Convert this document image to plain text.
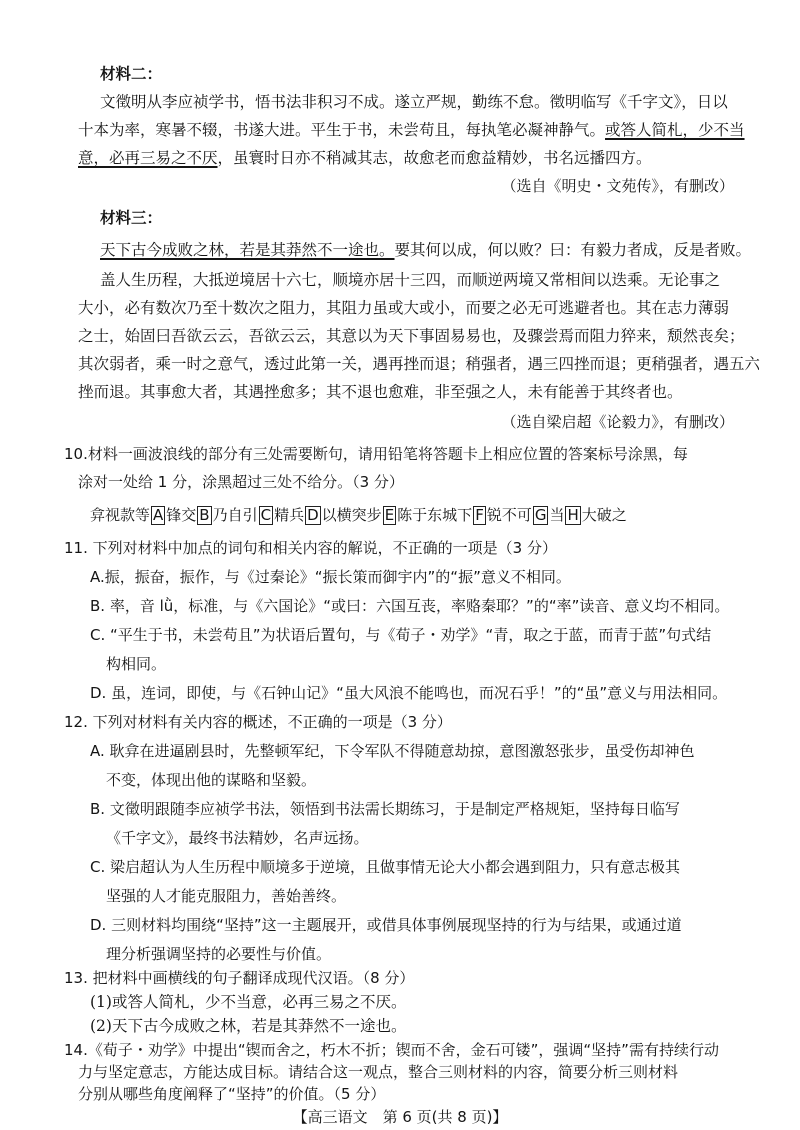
材料二：
文徵明从李应祯学书，悟书法非积习不成。遂立严规，勤练不怠。徵明临写《千字文》，日以
十本为率，寒暑不辍，书遂大进。平生于书，未尝苟且，每执笔必凝神静气。或答人简札，少不当
意，必再三易之不厌，虽寰时日亦不稍减其志，故愈老而愈益精妙，书名远播四方。
（选自《明史・文苑传》，有删改）
材料三：
天下古今成败之林，若是其莽然不一途也。要其何以成，何以败？曰：有毅力者成，反是者败。
盖人生历程，大抵逆境居十六七，顺境亦居十三四，而顺逆两境又常相间以迭乘。无论事之
大小，必有数次乃至十数次之阻力，其阻力虽或大或小，而要之必无可逃避者也。其在志力薄弱
之士，始固曰吾欲云云，吾欲云云，其意以为天下事固易易也，及骤尝焉而阻力猝来，颓然丧矣；
其次弱者，乘一时之意气，透过此第一关，遇再挫而退；稍强者，遇三四挫而退；更稍强者，遇五六
挫而退。其事愈大者，其遇挫愈多；其不退也愈难，非至强之人，未有能善于其终者也。
（选自梁启超《论毅力》，有删改）
10.材料一画波浪线的部分有三处需要断句，请用铅笔将答题卡上相应位置的答案标号涂黑，每
涂对一处给 1 分，涂黑超过三处不给分。（3 分）
弇视款等 A 锋交 B 乃自引 C 精兵 D 以横突步 E 陈于东城下 F 锐不可 G 当 H 大破之
11. 下列对材料中加点的词句和相关内容的解说，不正确的一项是（3 分）
A.振，振奋，振作，与《过秦论》“振长策而御宇内”的“振”意义不相同。
B. 率，音 lǜ，标准，与《六国论》“或曰：六国互丧，率赂秦耶？”的“率”读音、意义均不相同。
C. “平生于书，未尝苟且”为状语后置句，与《荀子・劝学》“青，取之于蓝，而青于蓝”句式结
构相同。
D. 虽，连词，即使，与《石钟山记》“虽大风浪不能鸣也，而况石乎！”的“虽”意义与用法相同。
12. 下列对材料有关内容的概述，不正确的一项是（3 分）
A. 耿弇在进逼剧县时，先整顿军纪，下令军队不得随意劫掠，意图激怒张步，虽受伤却神色
不变，体现出他的谋略和坚毅。
B. 文徵明跟随李应祯学书法，领悟到书法需长期练习，于是制定严格规矩，坚持每日临写
《千字文》，最终书法精妙，名声远扬。
C. 梁启超认为人生历程中顺境多于逆境，且做事情无论大小都会遇到阻力，只有意志极其
坚强的人才能克服阻力，善始善终。
D. 三则材料均围绕“坚持”这一主题展开，或借具体事例展现坚持的行为与结果，或通过道
理分析强调坚持的必要性与价值。
13. 把材料中画横线的句子翻译成现代汉语。（8 分）
(1)或答人简札，少不当意，必再三易之不厌。
(2)天下古今成败之林，若是其莽然不一途也。
14.《荀子・劝学》中提出“锲而舍之，朽木不折；锲而不舍，金石可镂”，强调“坚持”需有持续行动
力与坚定意志，方能达成目标。请结合这一观点，整合三则材料的内容，简要分析三则材料
分别从哪些角度阐释了“坚持”的价值。（5 分）
【高三语文　第 6 页(共 8 页)】
